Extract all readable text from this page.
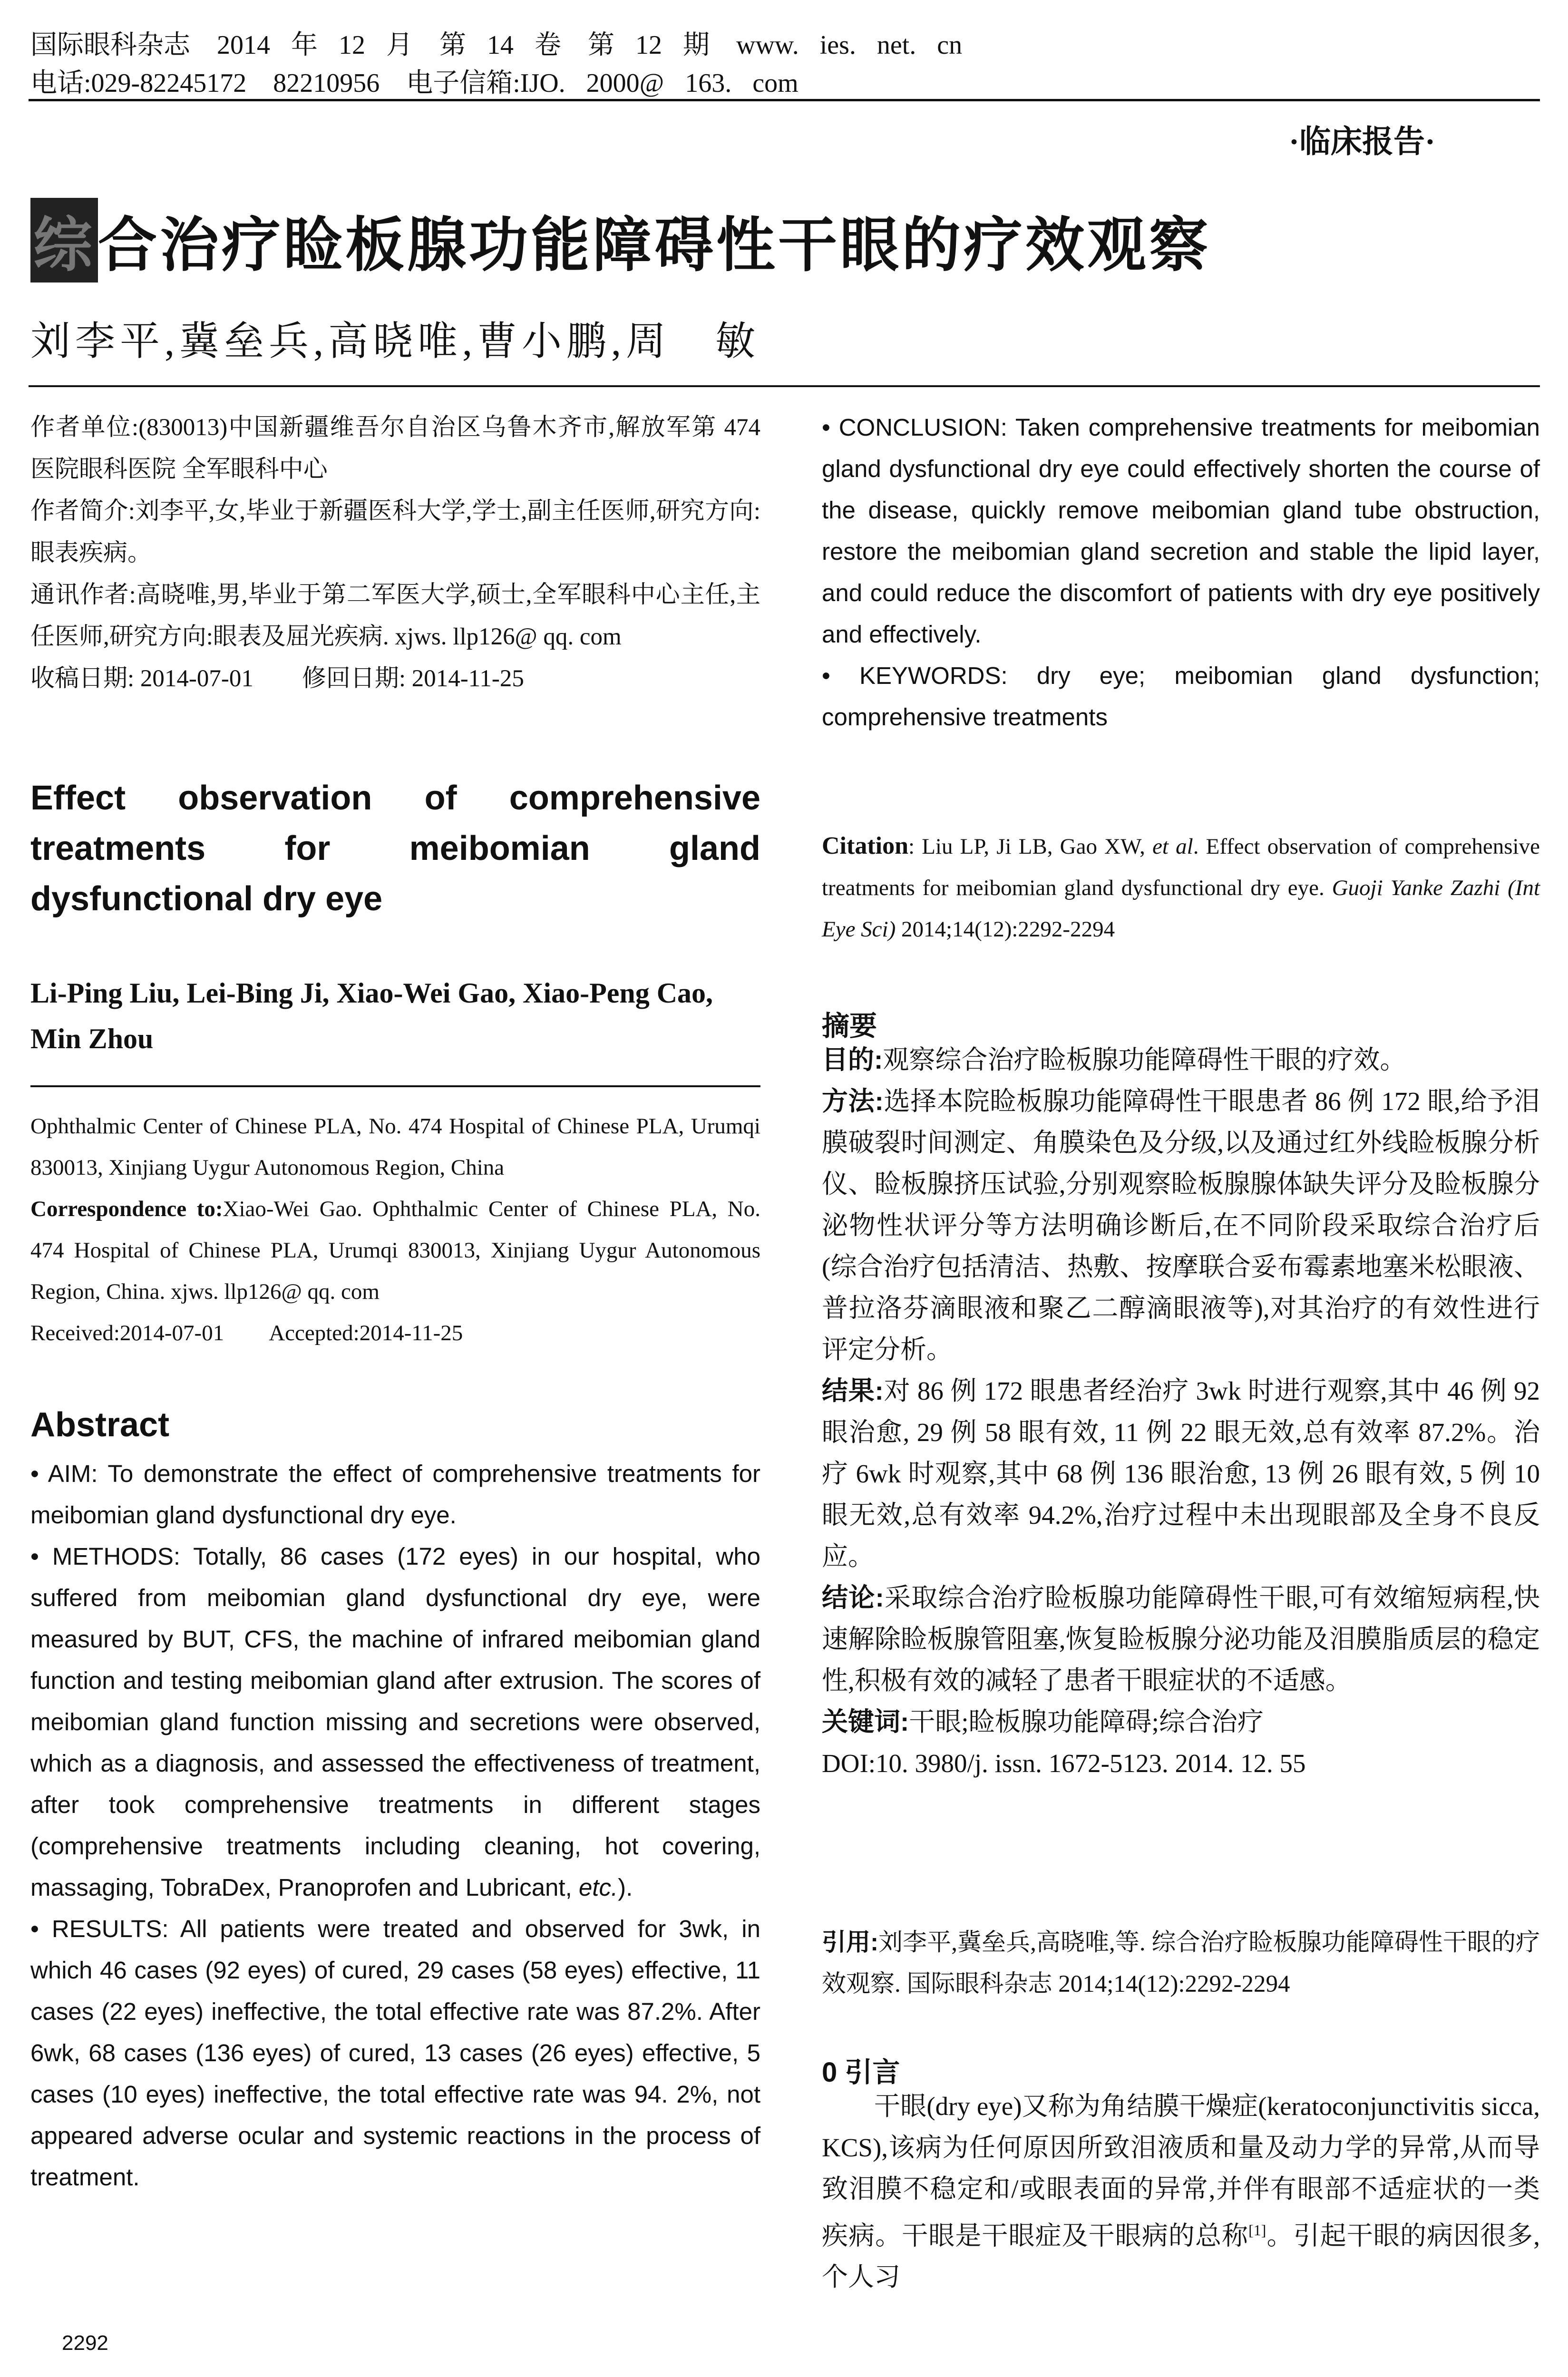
国际眼科杂志　2014 年 12 月　第 14 卷　第 12 期　www. ies. net. cn
电话:029-82245172　82210956　电子信箱:IJO. 2000@ 163. com
·临床报告·
综合治疗睑板腺功能障碍性干眼的疗效观察
刘李平,冀垒兵,高晓唯,曹小鹏,周　敏

作者单位:(830013)中国新疆维吾尔自治区乌鲁木齐市,解放军第 474 医院眼科医院 全军眼科中心

作者简介:刘李平,女,毕业于新疆医科大学,学士,副主任医师,研究方向:眼表疾病。

通讯作者:高晓唯,男,毕业于第二军医大学,硕士,全军眼科中心主任,主任医师,研究方向:眼表及屈光疾病. xjws. llp126@ qq. com

收稿日期: 2014-07-01　　修回日期: 2014-11-25

Effect observation of comprehensive treatments for meibomian gland dysfunctional dry eye
Li-Ping Liu, Lei-Bing Ji, Xiao-Wei Gao, Xiao-Peng Cao, Min Zhou

Ophthalmic Center of Chinese PLA, No. 474 Hospital of Chinese PLA, Urumqi 830013, Xinjiang Uygur Autonomous Region, China

Correspondence to:Xiao-Wei Gao. Ophthalmic Center of Chinese PLA, No. 474 Hospital of Chinese PLA, Urumqi 830013, Xinjiang Uygur Autonomous Region, China. xjws. llp126@ qq. com

Received:2014-07-01　　Accepted:2014-11-25

Abstract

• AIM: To demonstrate the effect of comprehensive treatments for meibomian gland dysfunctional dry eye.

• METHODS: Totally, 86 cases (172 eyes) in our hospital, who suffered from meibomian gland dysfunctional dry eye, were measured by BUT, CFS, the machine of infrared meibomian gland function and testing meibomian gland after extrusion. The scores of meibomian gland function missing and secretions were observed, which as a diagnosis, and assessed the effectiveness of treatment, after took comprehensive treatments in different stages (comprehensive treatments including cleaning, hot covering, massaging, TobraDex, Pranoprofen and Lubricant, etc.).

• RESULTS: All patients were treated and observed for 3wk, in which 46 cases (92 eyes) of cured, 29 cases (58 eyes) effective, 11 cases (22 eyes) ineffective, the total effective rate was 87.2%. After 6wk, 68 cases (136 eyes) of cured, 13 cases (26 eyes) effective, 5 cases (10 eyes) ineffective, the total effective rate was 94. 2%, not appeared adverse ocular and systemic reactions in the process of treatment.

2292

• CONCLUSION: Taken comprehensive treatments for meibomian gland dysfunctional dry eye could effectively shorten the course of the disease, quickly remove meibomian gland tube obstruction, restore the meibomian gland secretion and stable the lipid layer, and could reduce the discomfort of patients with dry eye positively and effectively.

• KEYWORDS: dry eye; meibomian gland dysfunction; comprehensive treatments

Citation: Liu LP, Ji LB, Gao XW, et al. Effect observation of comprehensive treatments for meibomian gland dysfunctional dry eye. Guoji Yanke Zazhi (Int Eye Sci) 2014;14(12):2292-2294
摘要

目的:观察综合治疗睑板腺功能障碍性干眼的疗效。

方法:选择本院睑板腺功能障碍性干眼患者 86 例 172 眼,给予泪膜破裂时间测定、角膜染色及分级,以及通过红外线睑板腺分析仪、睑板腺挤压试验,分别观察睑板腺腺体缺失评分及睑板腺分泌物性状评分等方法明确诊断后,在不同阶段采取综合治疗后(综合治疗包括清洁、热敷、按摩联合妥布霉素地塞米松眼液、普拉洛芬滴眼液和聚乙二醇滴眼液等),对其治疗的有效性进行评定分析。

结果:对 86 例 172 眼患者经治疗 3wk 时进行观察,其中 46 例 92 眼治愈, 29 例 58 眼有效, 11 例 22 眼无效,总有效率 87.2%。治疗 6wk 时观察,其中 68 例 136 眼治愈, 13 例 26 眼有效, 5 例 10 眼无效,总有效率 94.2%,治疗过程中未出现眼部及全身不良反应。

结论:采取综合治疗睑板腺功能障碍性干眼,可有效缩短病程,快速解除睑板腺管阻塞,恢复睑板腺分泌功能及泪膜脂质层的稳定性,积极有效的减轻了患者干眼症状的不适感。

关键词:干眼;睑板腺功能障碍;综合治疗

DOI:10. 3980/j. issn. 1672-5123. 2014. 12. 55

引用:刘李平,冀垒兵,高晓唯,等. 综合治疗睑板腺功能障碍性干眼的疗效观察. 国际眼科杂志 2014;14(12):2292-2294
0 引言

干眼(dry eye)又称为角结膜干燥症(keratoconjunctivitis sicca, KCS),该病为任何原因所致泪液质和量及动力学的异常,从而导致泪膜不稳定和/或眼表面的异常,并伴有眼部不适症状的一类疾病。干眼是干眼症及干眼病的总称[1]。引起干眼的病因很多,个人习
